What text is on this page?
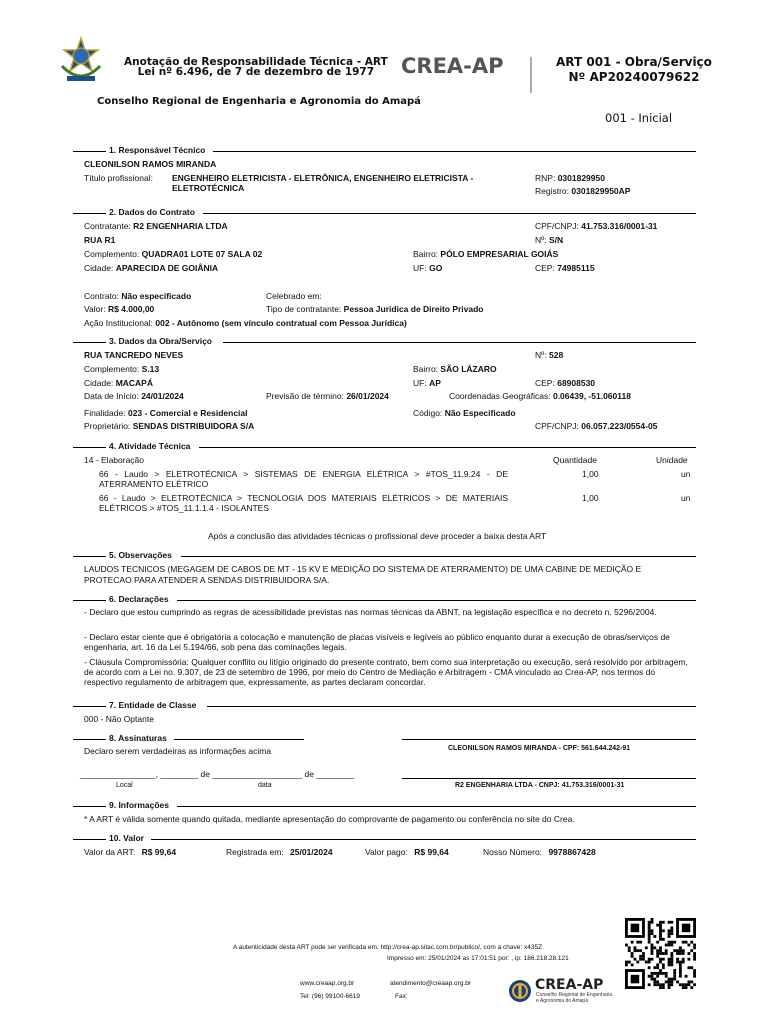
Anotação de Responsabilidade Técnica - ART
Lei nº 6.496, de 7 de dezembro de 1977	CREA-AP	ART 001 - Obra/Serviço
Nº AP20240079622
Conselho Regional de Engenharia e Agronomia do Amapá
001 - Inicial
1. Responsável Técnico
CLEONILSON RAMOS MIRANDA
Título profissional: ENGENHEIRO ELETRICISTA - ELETRÔNICA, ENGENHEIRO ELETRICISTA - ELETROTÉCNICA
RNP: 0301829950
Registro: 0301829950AP
2. Dados do Contrato
Contratante: R2 ENGENHARIA LTDA	CPF/CNPJ: 41.753.316/0001-31
RUA R1	Nº: S/N
Complemento: QUADRA01 LOTE 07 SALA 02	Bairro: PÓLO EMPRESARIAL GOIÁS
Cidade: APARECIDA DE GOIÂNIA	UF: GO	CEP: 74985115
Contrato: Não especificado	Celebrado em:
Valor: R$ 4.000,00	Tipo de contratante: Pessoa Juridica de Direito Privado
Ação Institucional: 002 - Autônomo (sem vínculo contratual com Pessoa Jurídica)
3. Dados da Obra/Serviço
RUA TANCREDO NEVES	Nº: 528
Complemento: S.13	Bairro: SÃO LÁZARO
Cidade: MACAPÁ	UF: AP	CEP: 68908530
Data de Início: 24/01/2024	Previsão de término: 26/01/2024	Coordenadas Geográficas: 0.06439, -51.060118
Finalidade: 023 - Comercial e Residencial	Código: Não Especificado
Proprietário: SENDAS DISTRIBUIDORA S/A	CPF/CNPJ: 06.057.223/0554-05
4. Atividade Técnica
14 - Elaboração	Quantidade	Unidade
66 - Laudo > ELETROTÉCNICA > SISTEMAS DE ENERGIA ELÉTRICA > #TOS_11.9.24 - DE ATERRAMENTO ELÉTRICO
1,00	un
66 - Laudo > ELETROTÉCNICA > TECNOLOGIA DOS MATERIAIS ELÉTRICOS > DE MATERIAIS ELÉTRICOS > #TOS_11.1.1.4 - ISOLANTES
1,00	un
Após a conclusão das atividades técnicas o profissional deve proceder a baixa desta ART
5. Observações
LAUDOS TECNICOS (MEGAGEM DE CABOS DE MT - 15 KV E MEDIÇÃO DO SISTEMA DE ATERRAMENTO) DE UMA CABINE DE MEDIÇÃO E PROTECAO PARA ATENDER A SENDAS DISTRIBUIDORA S/A.
6. Declarações
- Declaro que estou cumprindo as regras de acessibilidade previstas nas normas técnicas da ABNT, na legislação específica e no decreto n. 5296/2004.
- Declaro estar ciente que é obrigatória a colocação e manutenção de placas visíveis e legíveis ao público enquanto durar a execução de obras/serviços de engenharia, art. 16 da Lei 5.194/66, sob pena das cominações legais.
- Cláusula Compromissória: Qualquer conflito ou litígio originado do presente contrato, bem como sua interpretação ou execução, será resolvido por arbitragem, de acordo com a Lei no. 9.307, de 23 de setembro de 1996, por meio do Centro de Mediação e Arbitragem - CMA vinculado ao Crea-AP, nos termos do respectivo regulamento de arbitragem que, expressamente, as partes declaram concordar.
7. Entidade de Classe
000 - Não Optante
8. Assinaturas
Declaro serem verdadeiras as informações acima	CLEONILSON RAMOS MIRANDA - CPF: 561.644.242-91
________________, ________ de ___________________ de ________
Local	data	R2 ENGENHARIA LTDA - CNPJ: 41.753.316/0001-31
9. Informações
* A ART é válida somente quando quitada, mediante apresentação do comprovante de pagamento ou conferência no site do Crea.
10. Valor
Valor da ART: R$ 99,64	Registrada em: 25/01/2024	Valor pago: R$ 99,64	Nosso Número: 9978867428
A autenticidade desta ART pode ser verificada em: http://crea-ap.sitac.com.br/publico/, com a chave: x435Z
Impresso em: 25/01/2024 as 17:01:51 por: , ip: 186.218.28.121
www.creaap.org.br	atendimento@creaap.org.br
Tel: (96) 99100-6619	Fax:
CREA-AP
Conselho Regional de Engenharia
e Agronomia do Amapá
